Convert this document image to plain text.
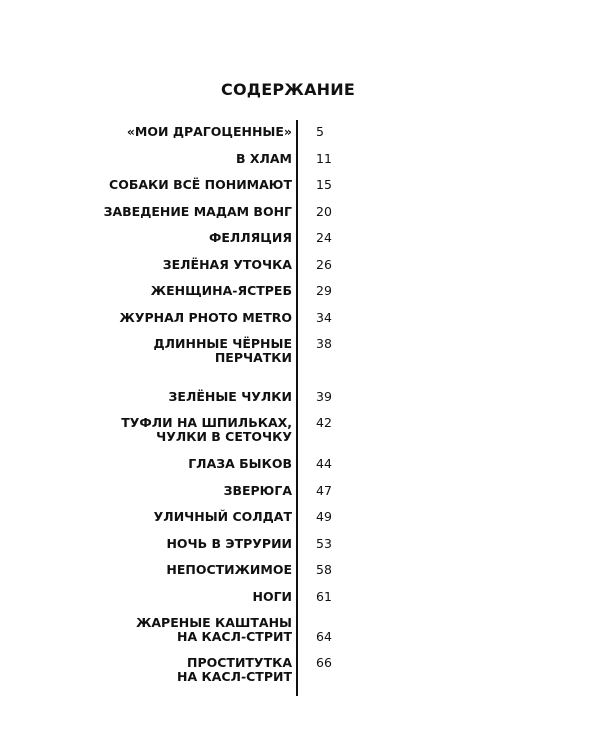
СОДЕРЖАНИЕ
«МОИ ДРАГОЦЕННЫЕ» 5
В ХЛАМ 11
СОБАКИ ВСЁ ПОНИМАЮТ 15
ЗАВЕДЕНИЕ МАДАМ ВОНГ 20
ФЕЛЛЯЦИЯ 24
ЗЕЛЁНАЯ УТОЧКА 26
ЖЕНЩИНА-ЯСТРЕБ 29
ЖУРНАЛ PHOTO METRO 34
ДЛИННЫЕ ЧЁРНЫЕ
ПЕРЧАТКИ
38
ЗЕЛЁНЫЕ ЧУЛКИ 39
ТУФЛИ НА ШПИЛЬКАХ,
ЧУЛКИ В СЕТОЧКУ
42
ГЛАЗА БЫКОВ 44
ЗВЕРЮГА 47
УЛИЧНЫЙ СОЛДАТ 49
НОЧЬ В ЭТРУРИИ 53
НЕПОСТИЖИМОЕ 58
НОГИ 61
ЖАРЕНЫЕ КАШТАНЫ
НА КАСЛ-СТРИТ 64
ПРОСТИТУТКА
НА КАСЛ-СТРИТ
66
